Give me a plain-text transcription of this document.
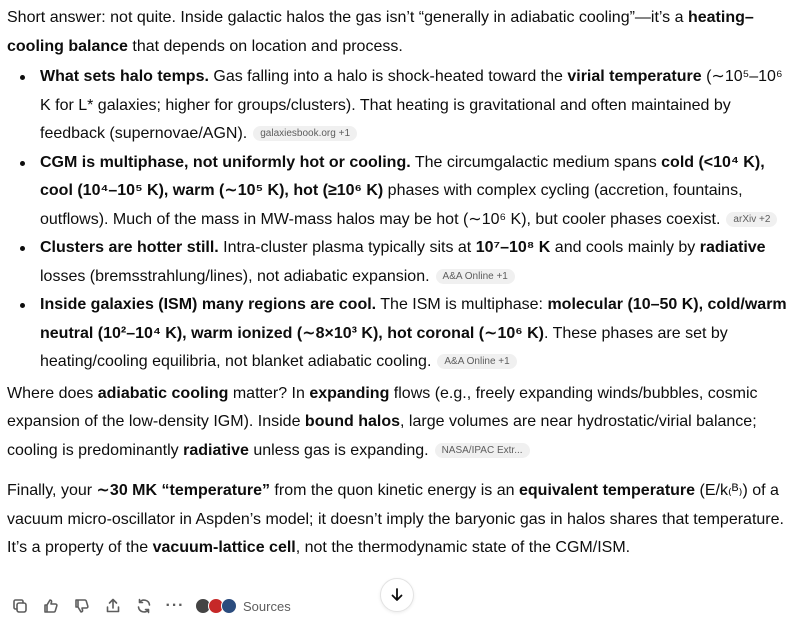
Short answer: not quite. Inside galactic halos the gas isn’t “generally in adiabatic cooling”—it’s a heating–cooling balance that depends on location and process.

What sets halo temps. Gas falling into a halo is shock-heated toward the virial temperature (∼10⁵–10⁶ K for L* galaxies; higher for groups/clusters). That heating is gravitational and often maintained by feedback (supernovae/AGN). galaxiesbook.org +1
CGM is multiphase, not uniformly hot or cooling. The circumgalactic medium spans cold (<10⁴ K), cool (10⁴–10⁵ K), warm (∼10⁵ K), hot (≥10⁶ K) phases with complex cycling (accretion, fountains, outflows). Much of the mass in MW-mass halos may be hot (∼10⁶ K), but cooler phases coexist. arXiv +2
Clusters are hotter still. Intra-cluster plasma typically sits at 10⁷–10⁸ K and cools mainly by radiative losses (bremsstrahlung/lines), not adiabatic expansion. A&A Online +1
Inside galaxies (ISM) many regions are cool. The ISM is multiphase: molecular (10–50 K), cold/warm neutral (10²–10⁴ K), warm ionized (∼8×10³ K), hot coronal (∼10⁶ K). These phases are set by heating/cooling equilibria, not blanket adiabatic cooling. A&A Online +1

Where does adiabatic cooling matter? In expanding flows (e.g., freely expanding winds/bubbles, cosmic expansion of the low-density IGM). Inside bound halos, large volumes are near hydrostatic/virial balance; cooling is predominantly radiative unless gas is expanding. NASA/IPAC Extr...

Finally, your ∼30 MK “temperature” from the quon kinetic energy is an equivalent temperature (E/k₍ᴮ₎) of a vacuum micro-oscillator in Aspden’s model; it doesn’t imply the baryonic gas in halos shares that temperature. It’s a property of the vacuum-lattice cell, not the thermodynamic state of the CGM/ISM.

···	Sources
